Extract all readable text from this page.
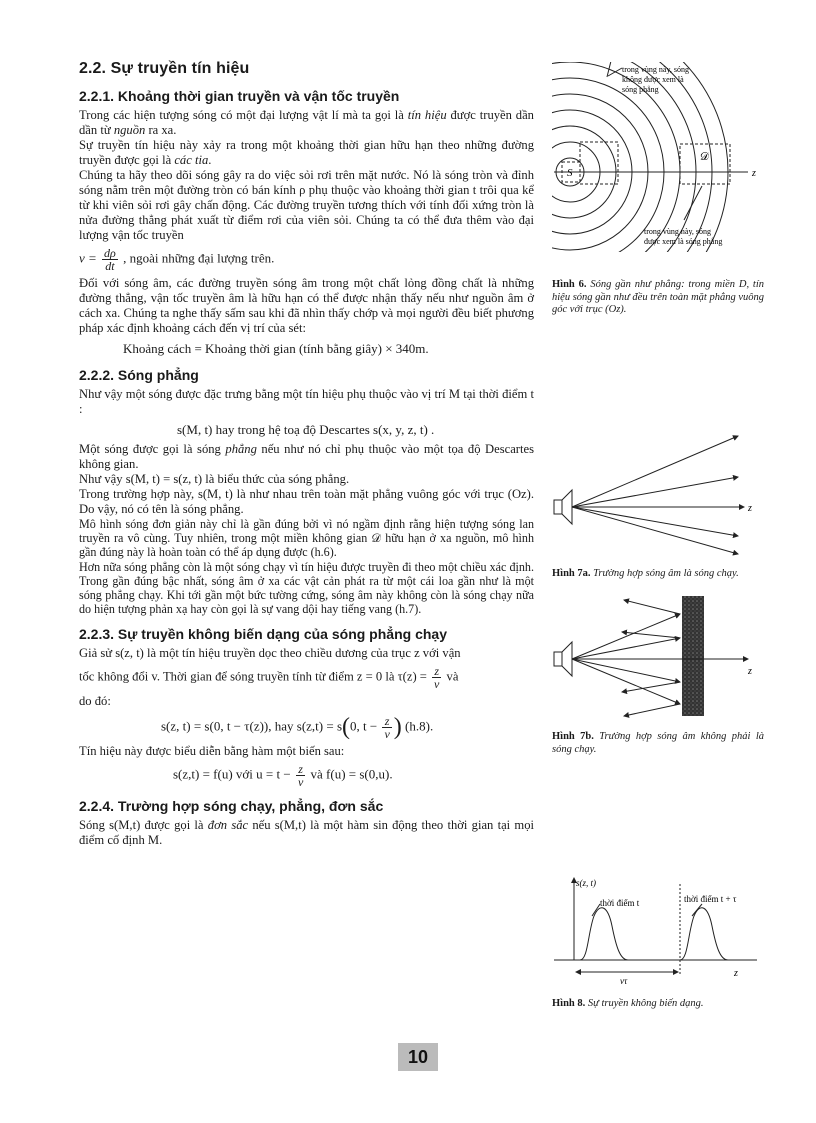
2.2. Sự truyền tín hiệu
2.2.1. Khoảng thời gian truyền và vận tốc truyền

Trong các hiện tượng sóng có một đại lượng vật lí mà ta gọi là tín hiệu được truyền dần dần từ nguồn ra xa.

Sự truyền tín hiệu này xảy ra trong một khoảng thời gian hữu hạn theo những đường truyền được gọi là các tia.

Chúng ta hãy theo dõi sóng gây ra do việc sỏi rơi trên mặt nước. Nó là sóng tròn và đỉnh sóng nằm trên một đường tròn có bán kính ρ phụ thuộc vào khoảng thời gian t trôi qua kể từ khi viên sỏi rơi gây chấn động. Các đường truyền tương thích với tính đối xứng tròn là nửa đường thẳng phát xuất từ điểm rơi của viên sỏi. Chúng ta có thể đưa thêm vào đại lượng vận tốc truyền

$v = \frac{d\rho}{dt}$ , ngoài những đại lượng trên.

Đối với sóng âm, các đường truyền sóng âm trong một chất lỏng đồng chất là những đường thẳng, vận tốc truyền âm là hữu hạn có thể được nhận thấy nếu như nguồn âm ở cách xa. Chúng ta nghe thấy sấm sau khi đã nhìn thấy chớp và mọi người đều biết phương pháp xác định khoảng cách đến vị trí của sét:

Khoảng cách = Khoảng thời gian (tính bằng giây) × 340m.

2.2.2. Sóng phẳng

Như vậy một sóng được đặc trưng bằng một tín hiệu phụ thuộc vào vị trí M tại thời điểm t :

s(M, t) hay trong hệ toạ độ Descartes s(x, y, z, t) .

Một sóng được gọi là sóng phẳng nếu như nó chỉ phụ thuộc vào một tọa độ Descartes không gian.

Như vậy s(M, t) = s(z, t) là biểu thức của sóng phẳng.

Trong trường hợp này, s(M, t) là như nhau trên toàn mặt phẳng vuông góc với trục (Oz). Do vậy, nó có tên là sóng phẳng.

Mô hình sóng đơn giản này chỉ là gần đúng bởi vì nó ngầm định rằng hiện tượng sóng lan truyền ra vô cùng. Tuy nhiên, trong một miền không gian 𝒟 hữu hạn ở xa nguồn, mô hình gần đúng này là hoàn toàn có thể áp dụng được (h.6).

Hơn nữa sóng phẳng còn là một sóng chạy vì tín hiệu được truyền đi theo một chiều xác định. Trong gần đúng bậc nhất, sóng âm ở xa các vật cản phát ra từ một cái loa gần như là một sóng phẳng chạy. Khi tới gần một bức tường cứng, sóng âm này không còn là sóng chạy nữa do hiện tượng phản xạ hay còn gọi là sự vang dội hay tiếng vang (h.7).

2.2.3. Sự truyền không biến dạng của sóng phẳng chạy

Giả sử s(z, t) là một tín hiệu truyền dọc theo chiều dương của trục z với vận

tốc không đổi v. Thời gian để sóng truyền tính từ điểm z = 0 là $\tau(z) = \frac{z}{v}$ và

do đó:

s(z, t) = s(0, t − τ(z)), hay s(z,t) = s(0, $t - \frac{z}{v}$ ) (h.8).

Tín hiệu này được biểu diễn bằng hàm một biến sau:

s(z,t) = f(u) với $u = t - \frac{z}{v}$ và f(u) = s(0,u).

2.2.4. Trường hợp sóng chạy, phẳng, đơn sắc

Sóng s(M,t) được gọi là đơn sắc nếu s(M,t) là một hàm sin động theo thời gian tại mọi điểm cố định M.

S
𝒟
z
trong vùng này, sóng
không được xem là
sóng phẳng
trong vùng này, sóng
được xem là sóng phẳng

Hình 6. Sóng gần như phẳng: trong miền D, tín hiệu sóng gần như đều trên toàn mặt phẳng vuông góc với trục (Oz).

z

Hình 7a. Trường hợp sóng âm là sóng chạy.

z

Hình 7b. Trường hợp sóng âm không phải là sóng chạy.

s(z, t)
thời điểm t	thời điểm t + τ
vτ
z

Hình 8. Sự truyền không biến dạng.

10
